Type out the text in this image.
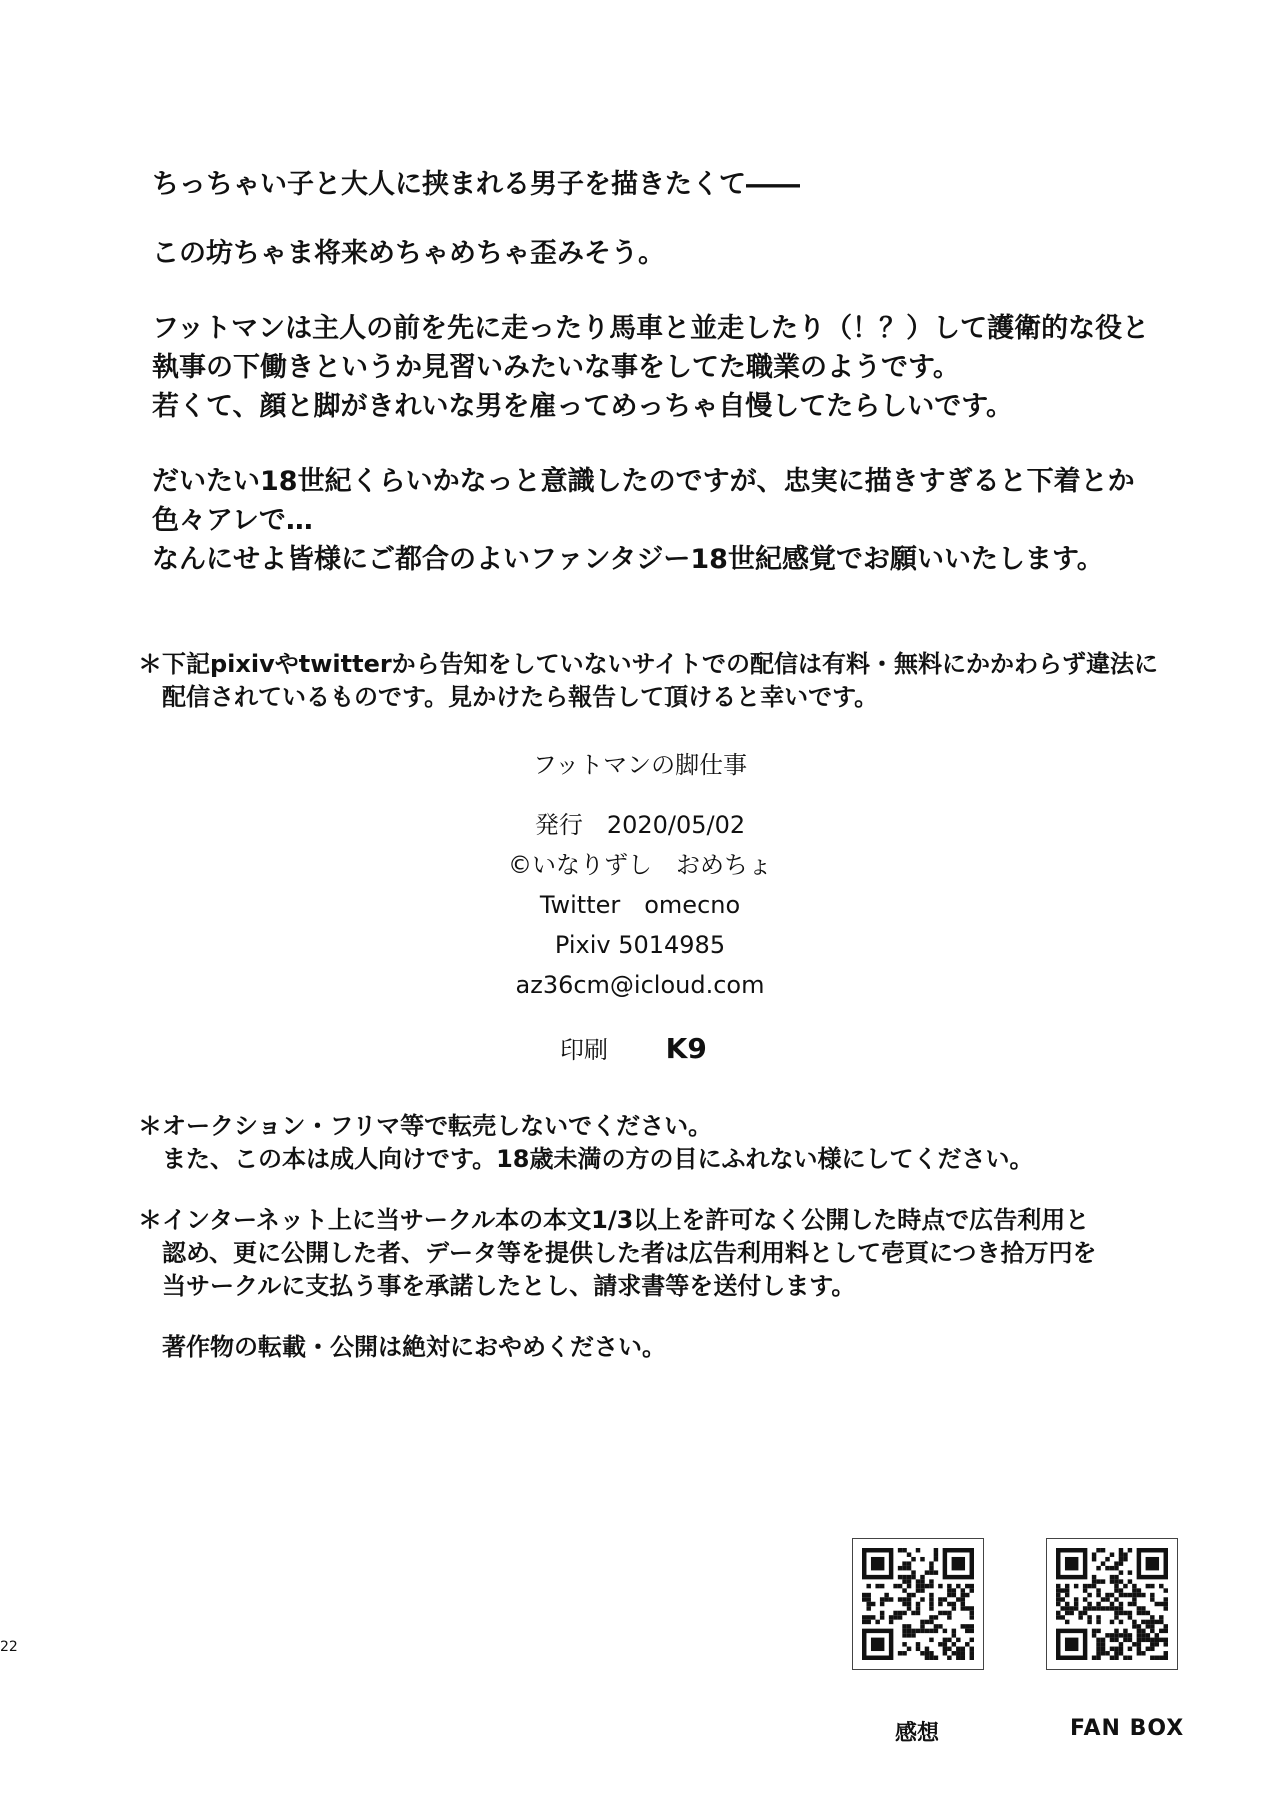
ちっちゃい子と大人に挟まれる男子を描きたくて――

この坊ちゃま将来めちゃめちゃ歪みそう。

フットマンは主人の前を先に走ったり馬車と並走したり（！？）して護衛的な役と

執事の下働きというか見習いみたいな事をしてた職業のようです。

若くて、顔と脚がきれいな男を雇ってめっちゃ自慢してたらしいです。

だいたい18世紀くらいかなっと意識したのですが、忠実に描きすぎると下着とか

色々アレで…

なんにせよ皆様にご都合のよいファンタジー18世紀感覚でお願いいたします。

＊下記pixivやtwitterから告知をしていないサイトでの配信は有料・無料にかかわらず違法に

配信されているものです。見かけたら報告して頂けると幸いです。

フットマンの脚仕事

発行　2020/05/02

©いなりずし　おめちょ

Twitter　omecno

Pixiv 5014985

az36cm@icloud.com

印刷 K9

＊オークション・フリマ等で転売しないでください。

また、この本は成人向けです。18歳未満の方の目にふれない様にしてください。

＊インターネット上に当サークル本の本文1/3以上を許可なく公開した時点で広告利用と

認め、更に公開した者、データ等を提供した者は広告利用料として壱頁につき拾万円を

当サークルに支払う事を承諾したとし、請求書等を送付します。

著作物の転載・公開は絶対におやめください。

感想	FAN BOX
22
